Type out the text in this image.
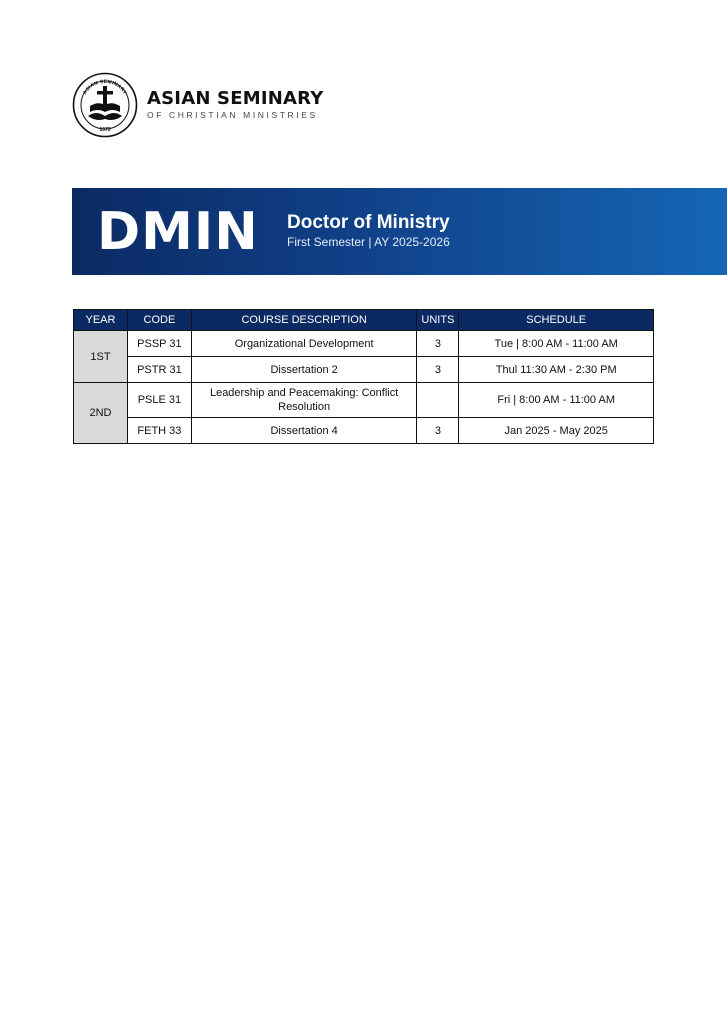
ASIAN SEMINARY
1973
ASIAN SEMINARY
OF CHRISTIAN MINISTRIES
DMIN Doctor of Ministry
First Semester | AY 2025-2026
YEAR	CODE	COURSE DESCRIPTION	UNITS	SCHEDULE
1ST	PSSP 31	Organizational Development	3	Tue | 8:00 AM - 11:00 AM
	PSTR 31	Dissertation 2	3	Thul 11:30 AM - 2:30 PM
2ND	PSLE 31	Leadership and Peacemaking: Conflict Resolution		Fri | 8:00 AM - 11:00 AM
	FETH 33	Dissertation 4	3	Jan 2025 - May 2025
